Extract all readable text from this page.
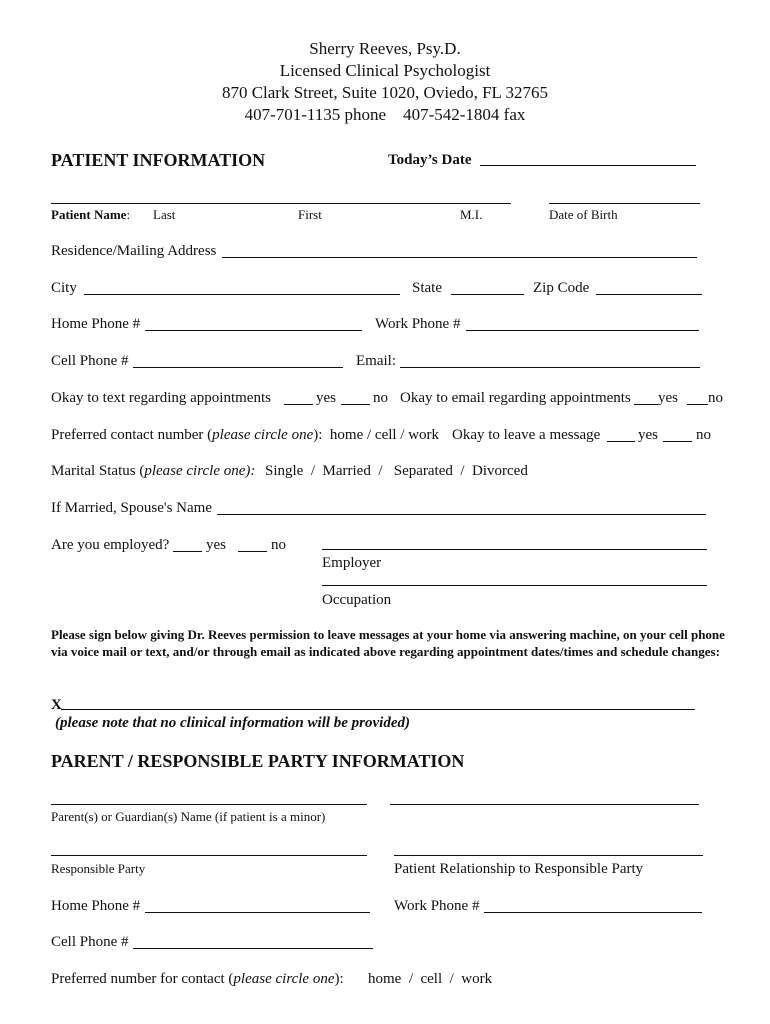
Sherry Reeves, Psy.D.
Licensed Clinical Psychologist
870 Clark Street, Suite 1020, Oviedo, FL 32765
407-701-1135 phone    407-542-1804 fax
PATIENT INFORMATION	Today’s Date
Patient Name: Last	First	M.I.	Date of Birth
Residence/Mailing Address
City	State	Zip Code
Home Phone #	Work Phone #
Cell Phone #	Email:
Okay to text regarding appointments	yes no Okay to email regarding appointments yes no
Preferred contact number (please circle one):  home / cell / work Okay to leave a message	yes	no
Marital Status (please circle one): Single  /  Married  /   Separated  /  Divorced
If Married, Spouse's Name
Are you employed? yes	no
Employer
Occupation
Please sign below giving Dr. Reeves permission to leave messages at your home via answering machine, on your cell phone via voice mail or text, and/or through email as indicated above regarding appointment dates/times and schedule changes:
X
(please note that no clinical information will be provided)
PARENT / RESPONSIBLE PARTY INFORMATION
Parent(s) or Guardian(s) Name (if patient is a minor)
Responsible Party	Patient Relationship to Responsible Party
Home Phone #	Work Phone #
Cell Phone #
Preferred number for contact (please circle one): home  /  cell  /  work
